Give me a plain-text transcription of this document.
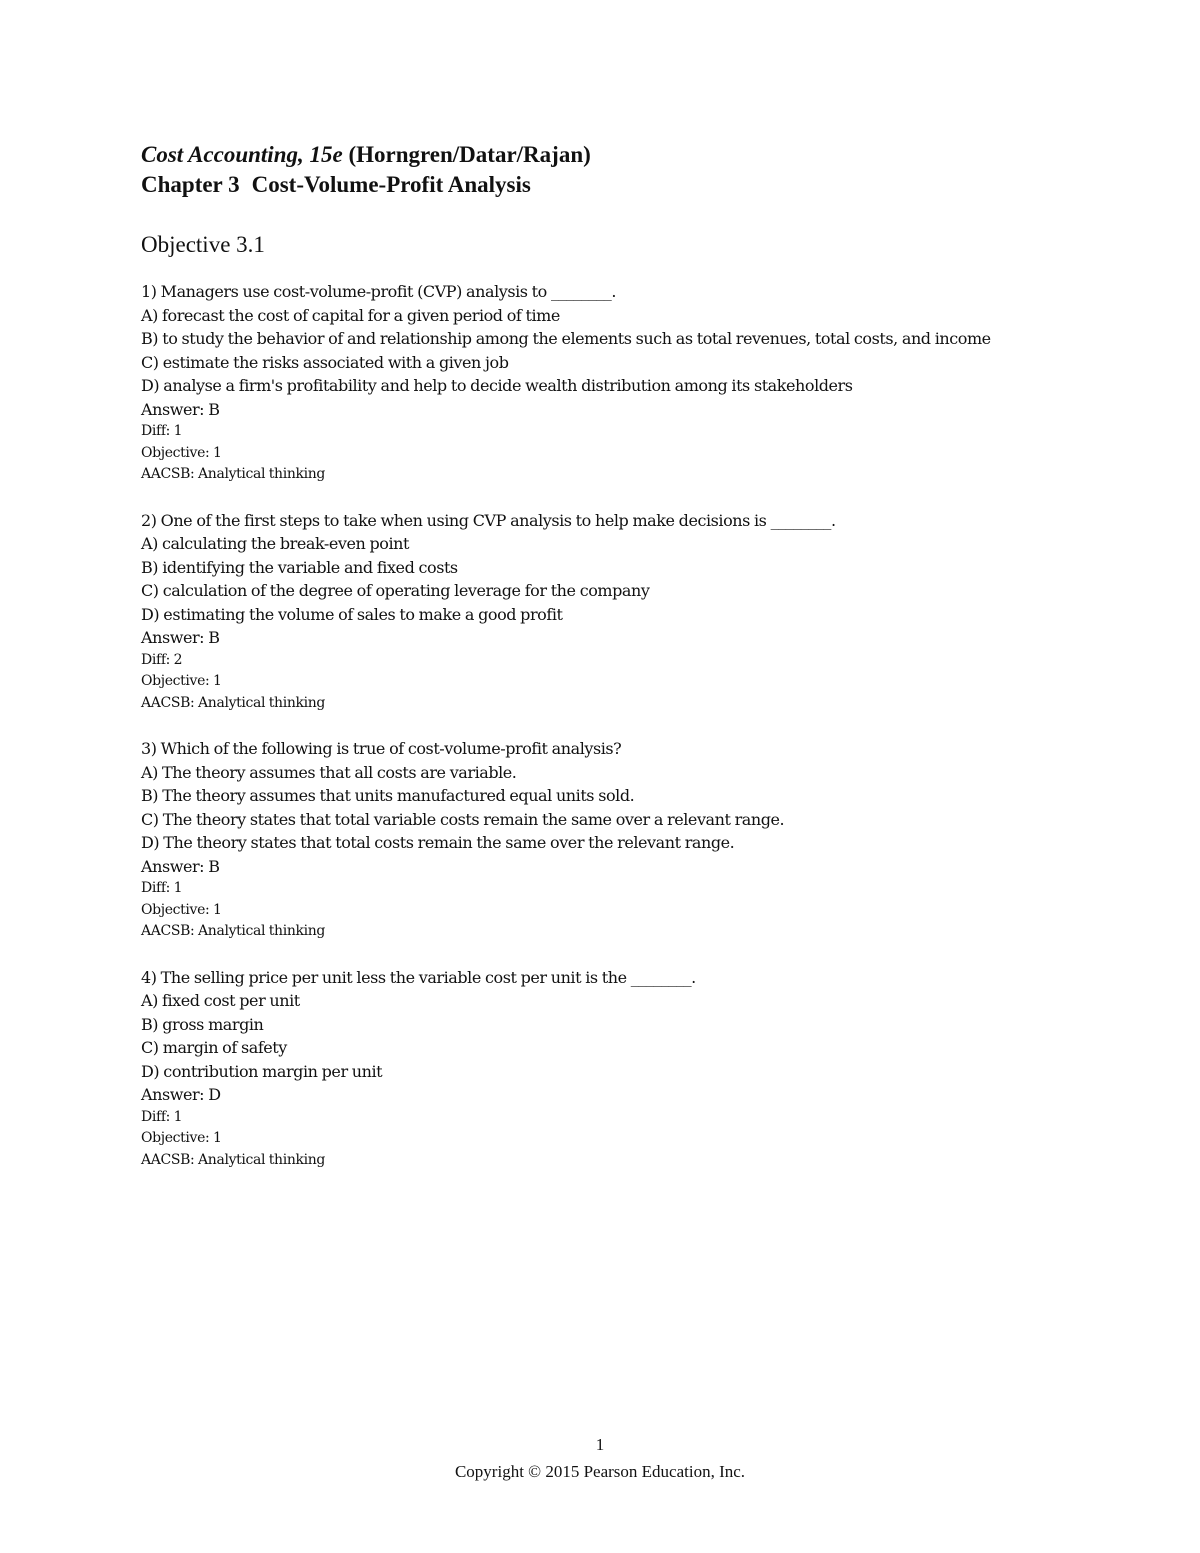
Cost Accounting, 15e (Horngren/Datar/Rajan)

Chapter 3 Cost-Volume-Profit Analysis

Objective 3.1

1) Managers use cost-volume-profit (CVP) analysis to ________.

A) forecast the cost of capital for a given period of time

B) to study the behavior of and relationship among the elements such as total revenues, total costs, and income

C) estimate the risks associated with a given job

D) analyse a firm's profitability and help to decide wealth distribution among its stakeholders

Answer: B

Diff: 1

Objective: 1

AACSB: Analytical thinking

2) One of the first steps to take when using CVP analysis to help make decisions is ________.

A) calculating the break-even point

B) identifying the variable and fixed costs

C) calculation of the degree of operating leverage for the company

D) estimating the volume of sales to make a good profit

Answer: B

Diff: 2

Objective: 1

AACSB: Analytical thinking

3) Which of the following is true of cost-volume-profit analysis?

A) The theory assumes that all costs are variable.

B) The theory assumes that units manufactured equal units sold.

C) The theory states that total variable costs remain the same over a relevant range.

D) The theory states that total costs remain the same over the relevant range.

Answer: B

Diff: 1

Objective: 1

AACSB: Analytical thinking

4) The selling price per unit less the variable cost per unit is the ________.

A) fixed cost per unit

B) gross margin

C) margin of safety

D) contribution margin per unit

Answer: D

Diff: 1

Objective: 1

AACSB: Analytical thinking

1
Copyright © 2015 Pearson Education, Inc.
